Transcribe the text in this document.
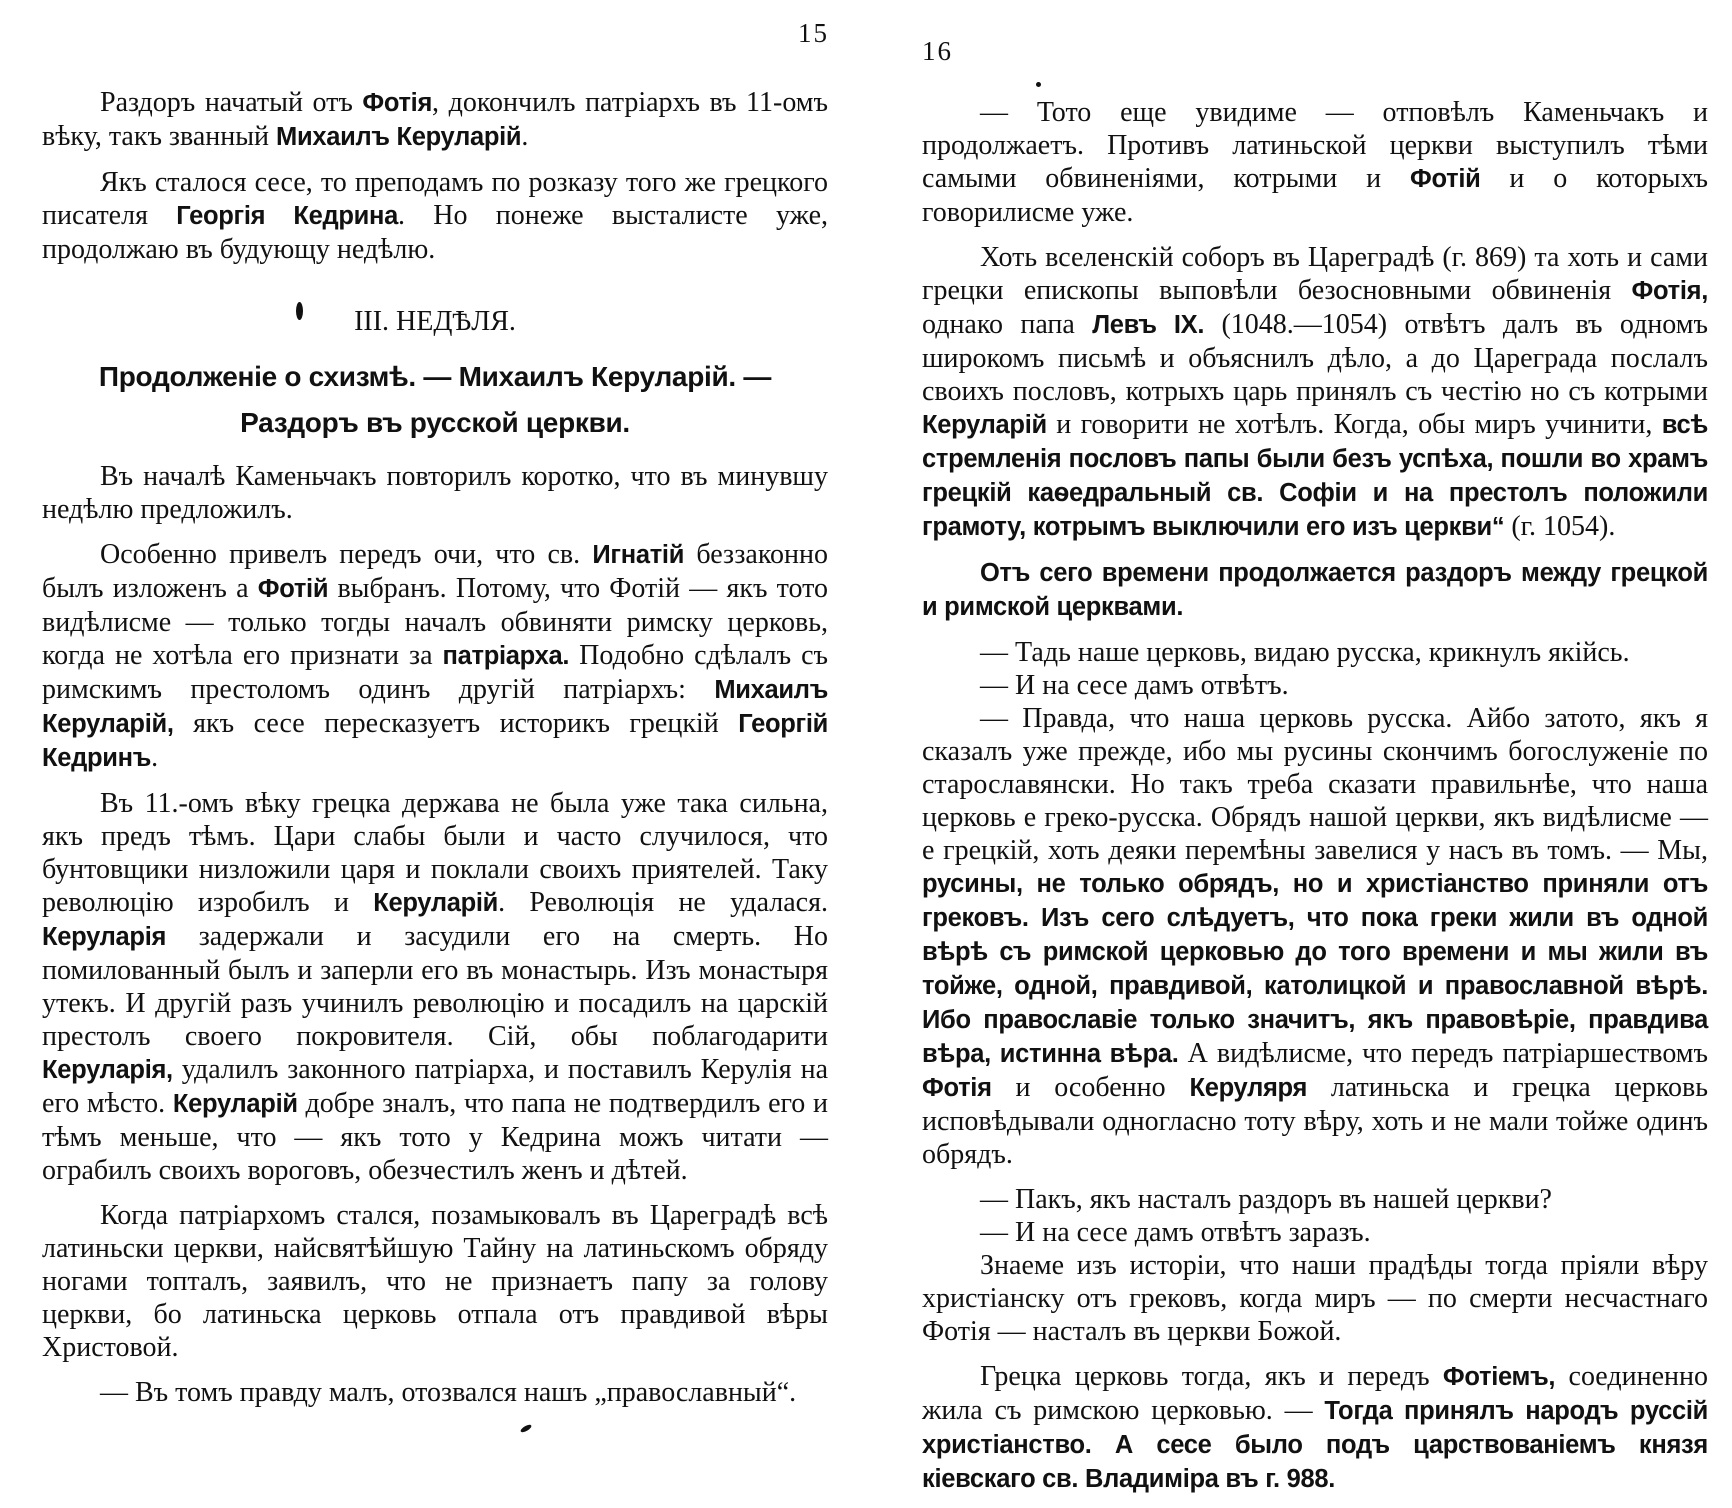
15

Раздоръ начатый отъ Фотія, докончилъ патріархъ въ 11-омъ вѣку, такъ званный Михаилъ Керуларій.

Якъ сталося сесе, то преподамъ по розказу того же грецкого писателя Георгія Кедрина. Но понеже высталисте уже, продолжаю въ будующу недѣлю.

III. НЕДѢЛЯ.
Продолженіе о схизмѣ. — Михаилъ Керуларій. — Раздоръ въ русской церкви.

Въ началѣ Каменьчакъ повторилъ коротко, что въ минувшу недѣлю предложилъ.

Особенно привелъ передъ очи, что св. Игнатій беззаконно былъ изложенъ а Фотій выбранъ. Потому, что Фотій — якъ тото видѣлисме — только тогды началъ обвиняти римску церковь, когда не хотѣла его признати за патріарха. Подобно сдѣлалъ съ римскимъ престоломъ одинъ другій патріархъ: Михаилъ Керуларій, якъ сесе пересказуетъ историкъ грецкій Георгій Кедринъ.

Въ 11.-омъ вѣку грецка держава не была уже така сильна, якъ предъ тѣмъ. Цари слабы были и часто случилося, что бунтовщики низложили царя и поклали своихъ приятелей. Таку революцію изробилъ и Керуларій. Революція не удалася. Керуларія задержали и засудили его на смерть. Но помилованный былъ и заперли его въ монастырь. Изъ монастыря утекъ. И другій разъ учинилъ революцію и посадилъ на царскій престолъ своего покровителя. Сій, обы поблагодарити Керуларія, удалилъ законного патріарха, и поставилъ Керулія на его мѣсто. Керуларій добре зналъ, что папа не подтвердилъ его и тѣмъ меньше, что — якъ тото у Кедрина можъ читати — ограбилъ своихъ вороговъ, обезчестилъ женъ и дѣтей.

Когда патріархомъ стался, позамыковалъ въ Цареградѣ всѣ латиньски церкви, найсвятѣйшую Тайну на латиньскомъ обряду ногами топталъ, заявилъ, что не признаетъ папу за голову церкви, бо латиньска церковь отпала отъ правдивой вѣры Христовой.

— Въ томъ правду малъ, отозвался нашъ „православный“.

16

— Тото еще увидиме — отповѣлъ Каменьчакъ и продолжаетъ. Противъ латиньской церкви выступилъ тѣми самыми обвиненіями, котрыми и Фотій и о которыхъ говорилисме уже.

Хоть вселенскій соборъ въ Цареградѣ (г. 869) та хоть и сами грецки епископы выповѣли безосновными обвиненія Фотія, однако папа Левъ IX. (1048.—1054) отвѣтъ далъ въ одномъ широкомъ письмѣ и объяснилъ дѣло, а до Цареграда послалъ своихъ пословъ, котрыхъ царь принялъ съ честію но съ котрыми Керуларій и говорити не хотѣлъ. Когда, обы миръ учинити, всѣ стремленія пословъ папы были безъ успѣха, пошли во храмъ грецкій каѳедральный св. Софіи и на престолъ положили грамоту, котрымъ выключили его изъ церкви“ (г. 1054).

Отъ сего времени продолжается раздоръ между грецкой и римской церквами.

— Тадь наше церковь, видаю русска, крикнулъ якійсь.

— И на сесе дамъ отвѣтъ.

— Правда, что наша церковь русска. Айбо затото, якъ я сказалъ уже прежде, ибо мы русины скончимъ богослуженіе по старославянски. Но такъ треба сказати правильнѣе, что наша церковь е греко-русска. Обрядъ нашой церкви, якъ видѣлисме — е грецкій, хоть деяки перемѣны завелися у насъ въ томъ. — Мы, русины, не только обрядъ, но и христіанство приняли отъ грековъ. Изъ сего слѣдуетъ, что пока греки жили въ одной вѣрѣ съ римской церковью до того времени и мы жили въ тойже, одной, правдивой, католицкой и православной вѣрѣ. Ибо православіе только значитъ, якъ правовѣріе, правдива вѣра, истинна вѣра. А видѣлисме, что передъ патріаршествомъ Фотія и особенно Керуляря латиньска и грецка церковь исповѣдывали одногласно тоту вѣру, хоть и не мали тойже одинъ обрядъ.

— Пакъ, якъ насталъ раздоръ въ нашей церкви?

— И на сесе дамъ отвѣтъ заразъ.

Знаеме изъ исторіи, что наши прадѣды тогда пріяли вѣру христіанску отъ грековъ, когда миръ — по смерти несчастнаго Фотія — насталъ въ церкви Божой.

Грецка церковь тогда, якъ и передъ Фотіемъ, соединенно жила съ римскою церковью. — Тогда принялъ народъ руссій христіанство. А сесе было подъ царствованіемъ князя кіевскаго св. Владиміра въ г. 988.
